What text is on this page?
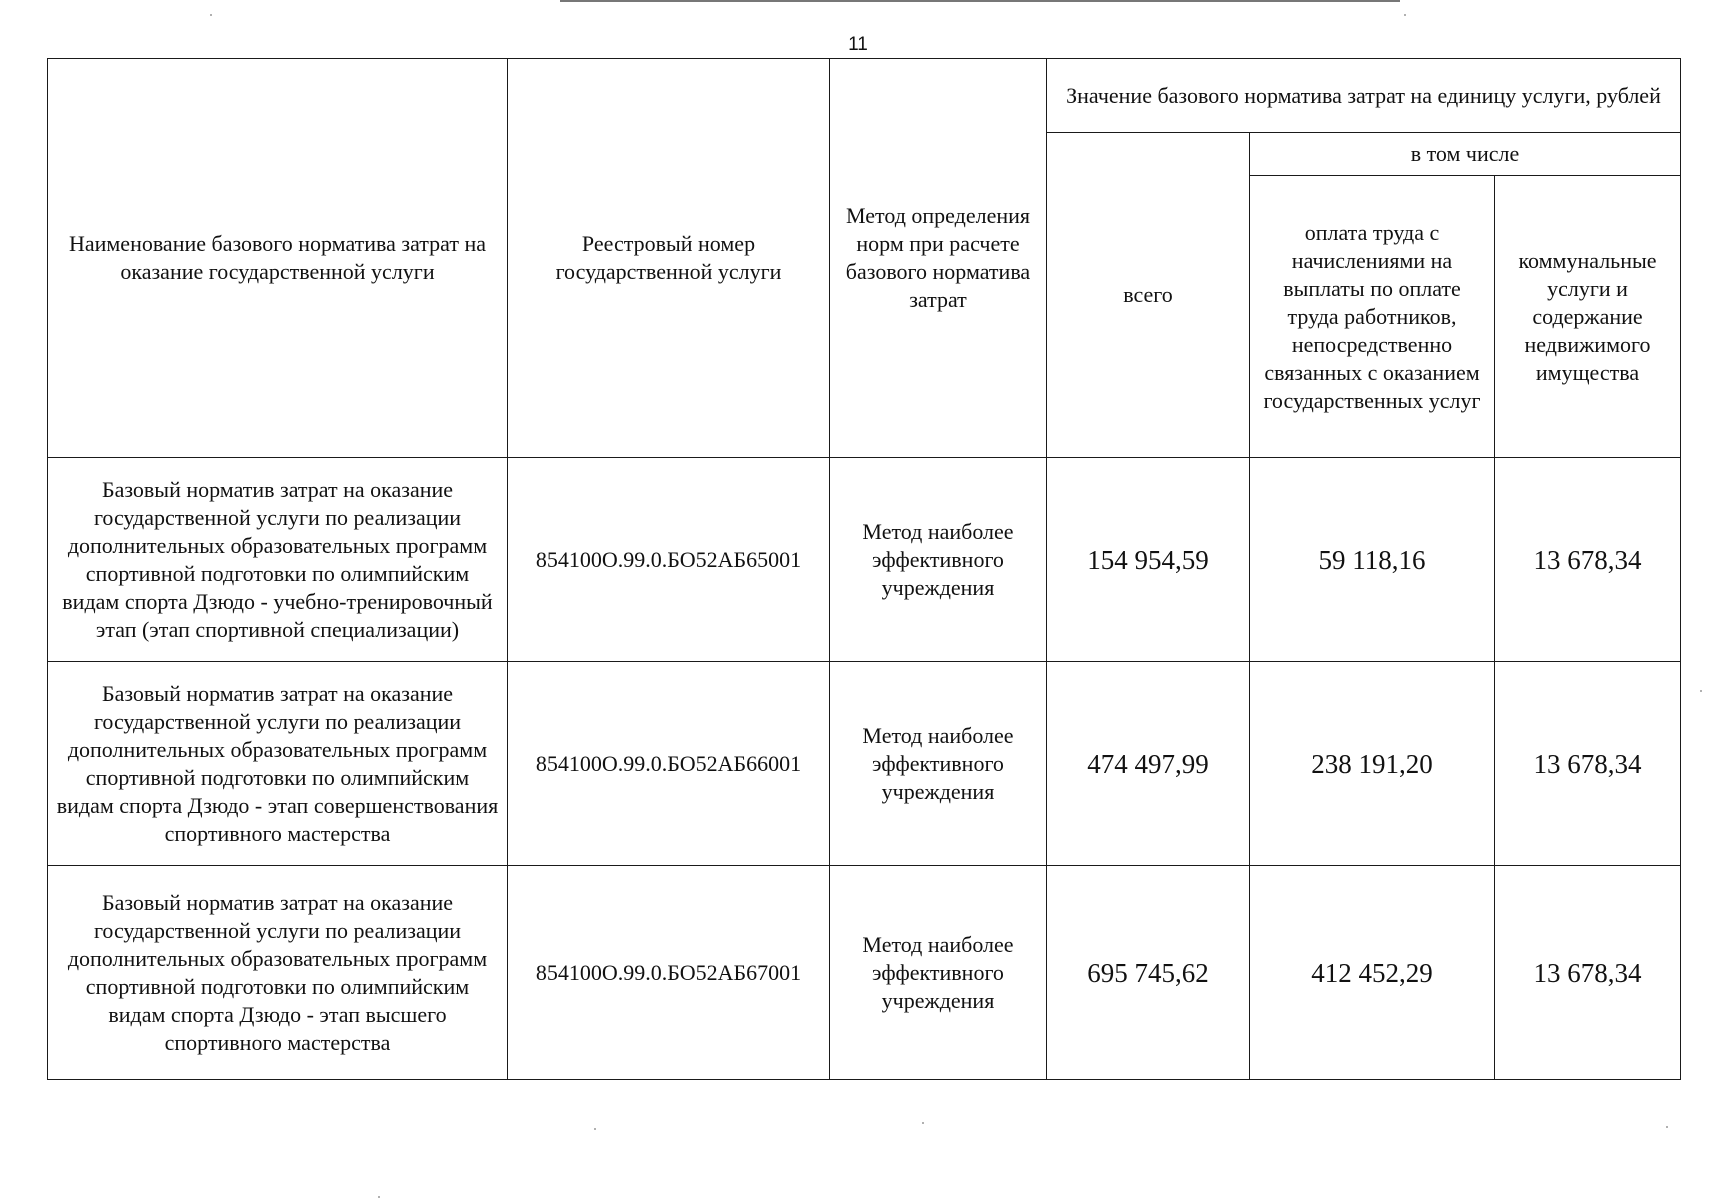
11
Наименование базового норматива затрат на оказание государственной услуги	Реестровый номер государственной услуги	Метод определения норм при расчете базового норматива затрат	Значение базового норматива затрат на единицу услуги, рублей		
			всего	в том числе	
				оплата труда с начислениями на выплаты по оплате труда работников, непосредственно связанных с оказанием государственных услуг	коммунальные услуги и содержание недвижимого имущества
Базовый норматив затрат на оказание государственной услуги по реализации дополнительных образовательных программ спортивной подготовки по олимпийским видам спорта Дзюдо - учебно-тренировочный этап (этап спортивной специализации)	854100О.99.0.БО52АБ65001	Метод наиболее эффективного учреждения	154 954,59	59 118,16	13 678,34
Базовый норматив затрат на оказание государственной услуги по реализации дополнительных образовательных программ спортивной подготовки по олимпийским видам спорта Дзюдо - этап совершенствования спортивного мастерства	854100О.99.0.БО52АБ66001	Метод наиболее эффективного учреждения	474 497,99	238 191,20	13 678,34
Базовый норматив затрат на оказание государственной услуги по реализации дополнительных образовательных программ спортивной подготовки по олимпийским видам спорта Дзюдо - этап высшего спортивного мастерства	854100О.99.0.БО52АБ67001	Метод наиболее эффективного учреждения	695 745,62	412 452,29	13 678,34
